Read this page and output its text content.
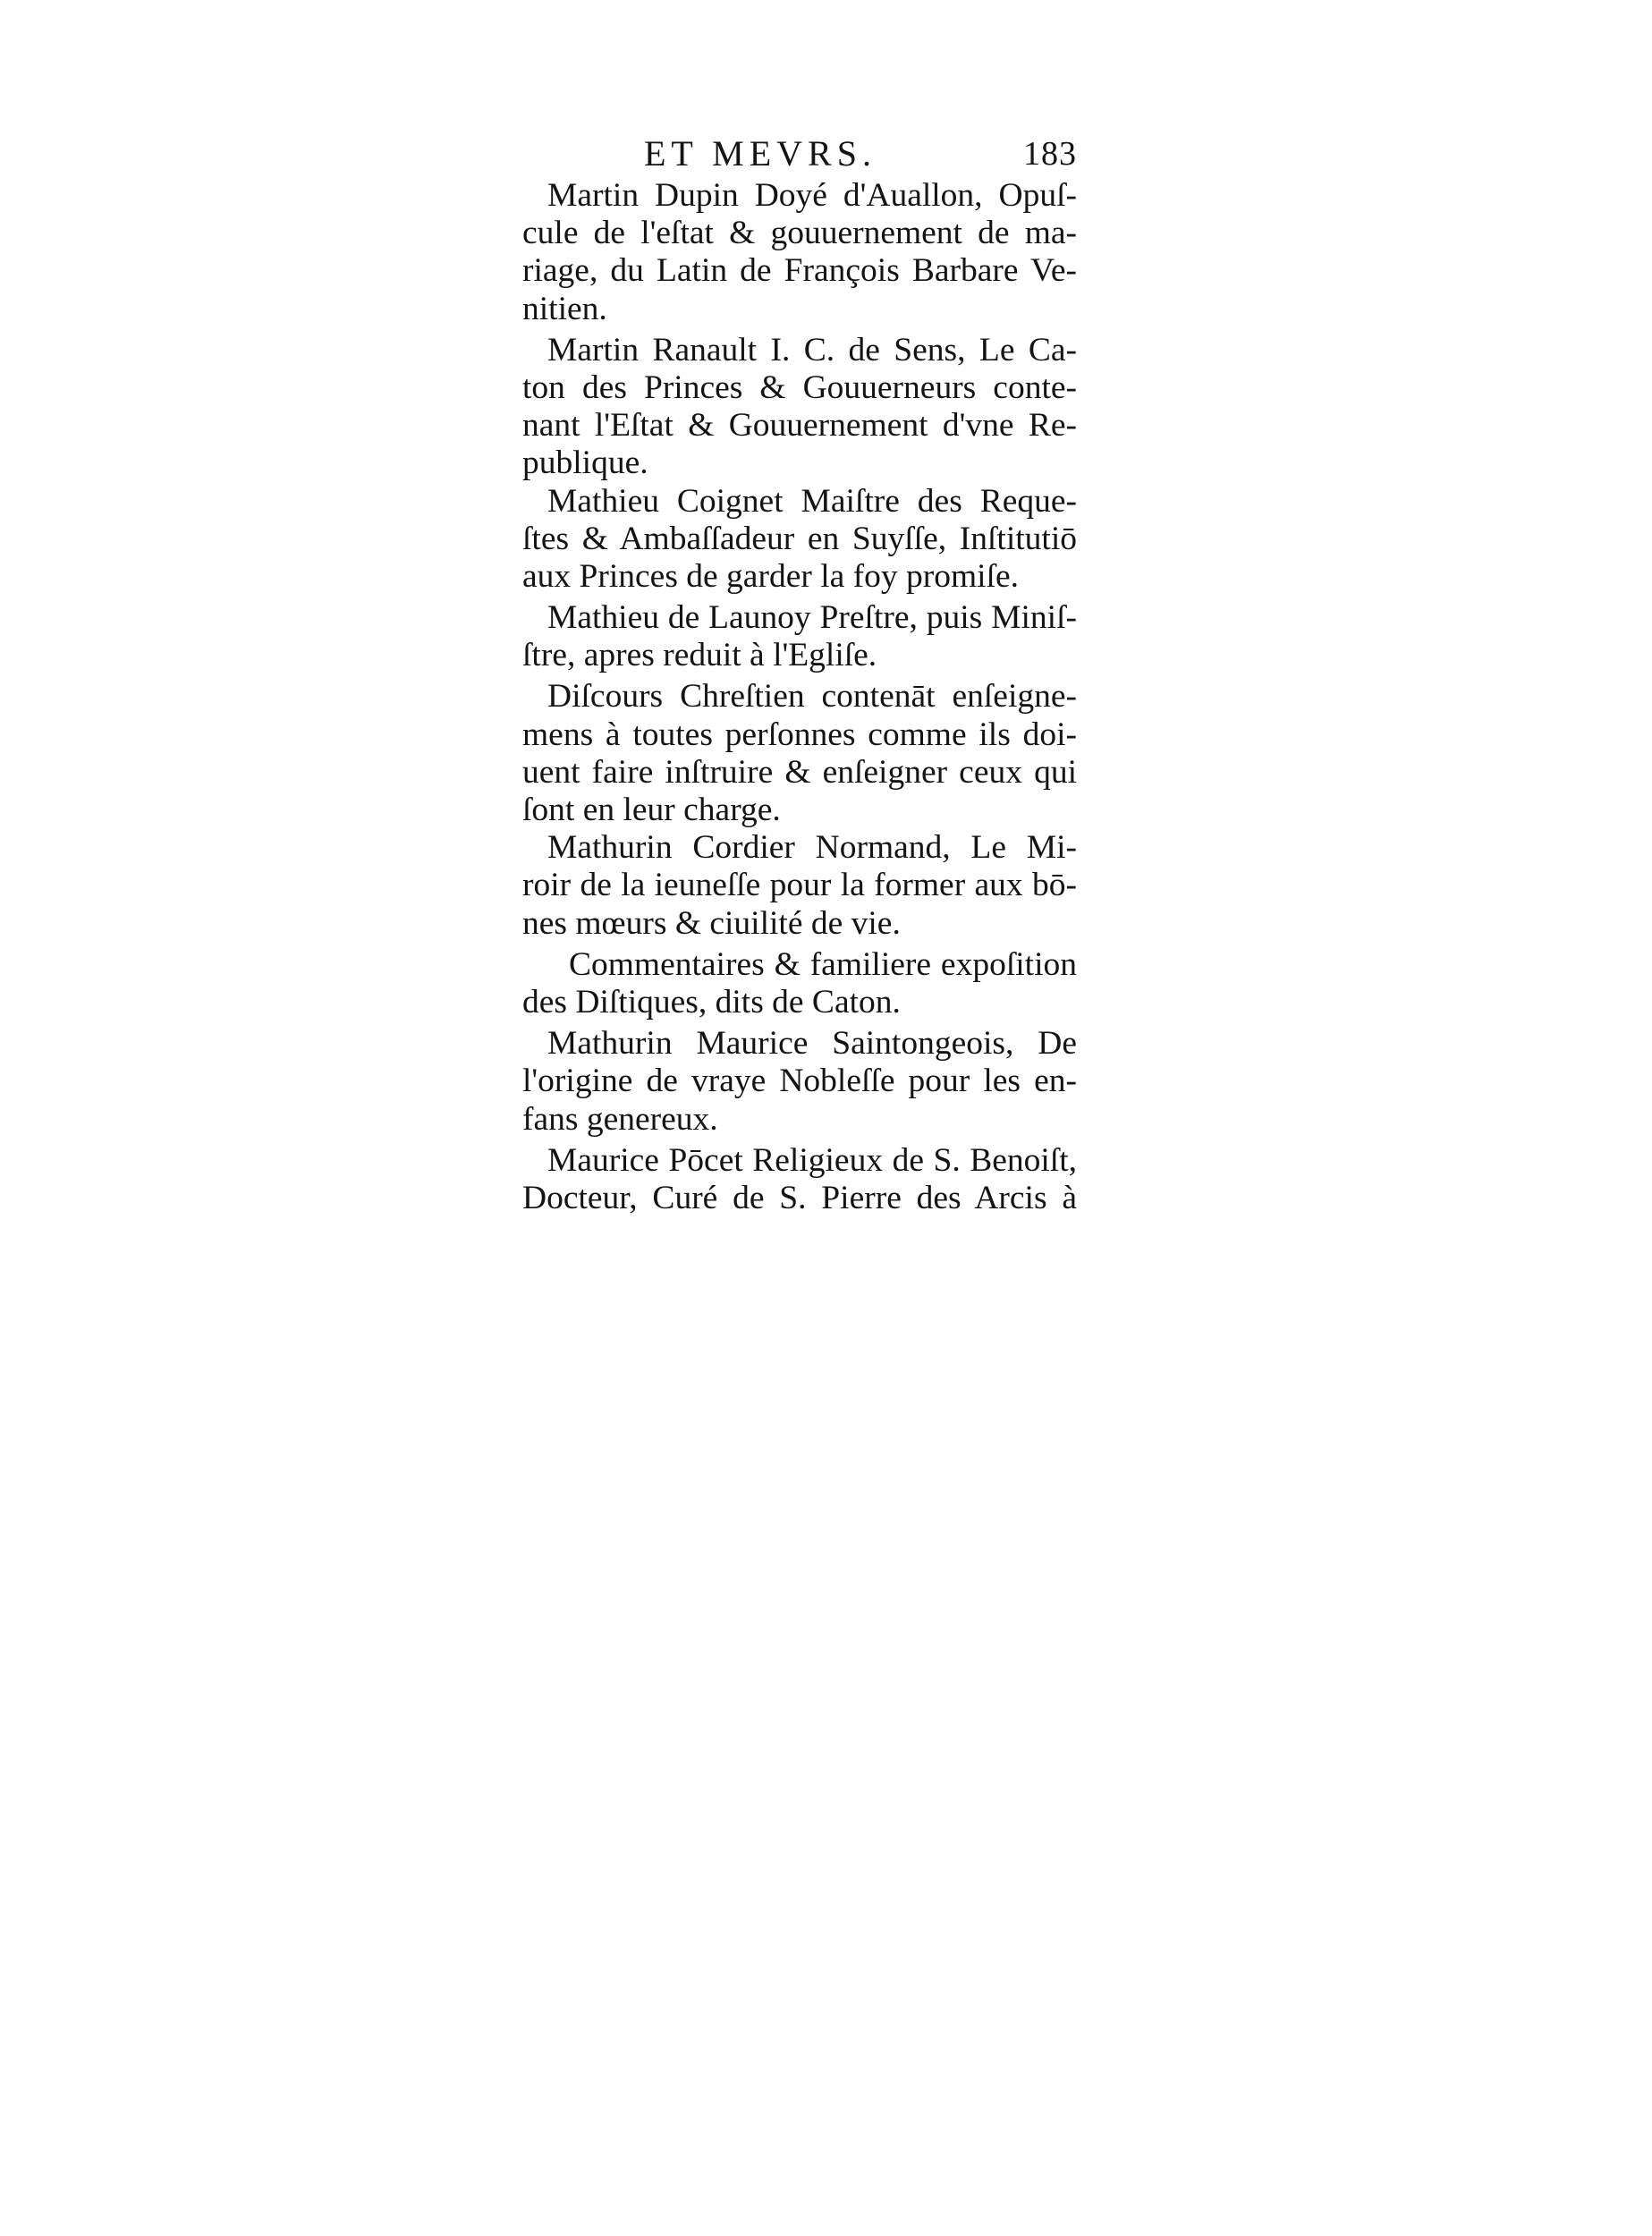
ET MEVRS.	183
Martin Dupin Doyé d'Auallon, Opuſ-
cule de l'eſtat & gouuernement de ma-
riage, du Latin de François Barbare Ve-
nitien.
Martin Ranault I. C. de Sens, Le Ca-
ton des Princes & Gouuerneurs conte-
nant l'Eſtat & Gouuernement d'vne Re-
publique.
Mathieu Coignet Maiſtre des Reque-
ſtes & Ambaſſadeur en Suyſſe, Inſtitutiō
aux Princes de garder la foy promiſe.
Mathieu de Launoy Preſtre, puis Miniſ-
ſtre, apres reduit à l'Egliſe.
Diſcours Chreſtien contenāt enſeigne-
mens à toutes perſonnes comme ils doi-
uent faire inſtruire & enſeigner ceux qui
ſont en leur charge.
Mathurin Cordier Normand, Le Mi-
roir de la ieuneſſe pour la former aux bō-
nes mœurs & ciuilité de vie.
Commentaires & familiere expoſition
des Diſtiques, dits de Caton.
Mathurin Maurice Saintongeois, De
l'origine de vraye Nobleſſe pour les en-
fans genereux.
Maurice Pōcet Religieux de S. Benoiſt,
Docteur, Curé de S. Pierre des Arcis à
